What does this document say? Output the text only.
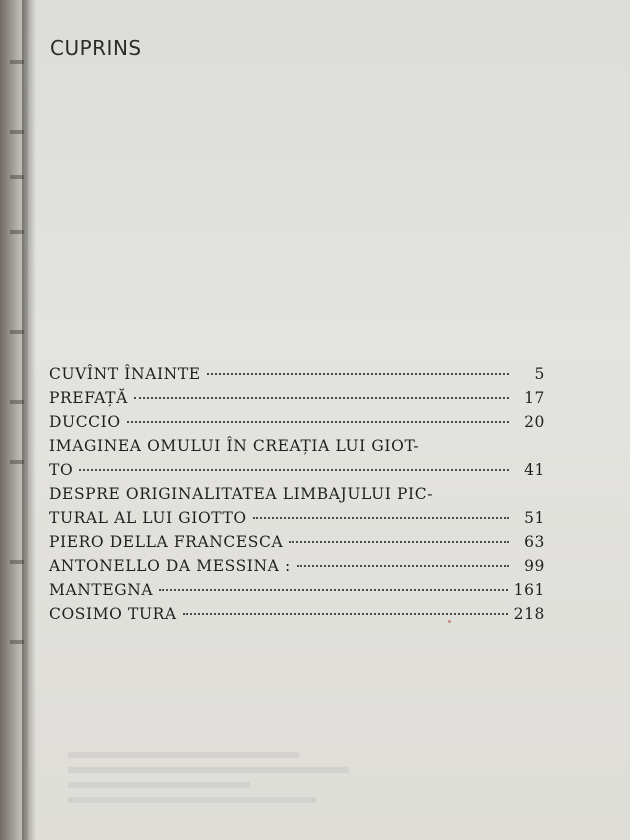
CUPRINS
CUVÎNT ÎNAINTE	5
PREFAȚĂ	17
DUCCIO	20
IMAGINEA OMULUI ÎN CREAȚIA LUI GIOT-
TO	41
DESPRE ORIGINALITATEA LIMBAJULUI PIC-
TURAL AL LUI GIOTTO	51
PIERO DELLA FRANCESCA	63
ANTONELLO DA MESSINA :	99
MANTEGNA	161
COSIMO TURA	218
